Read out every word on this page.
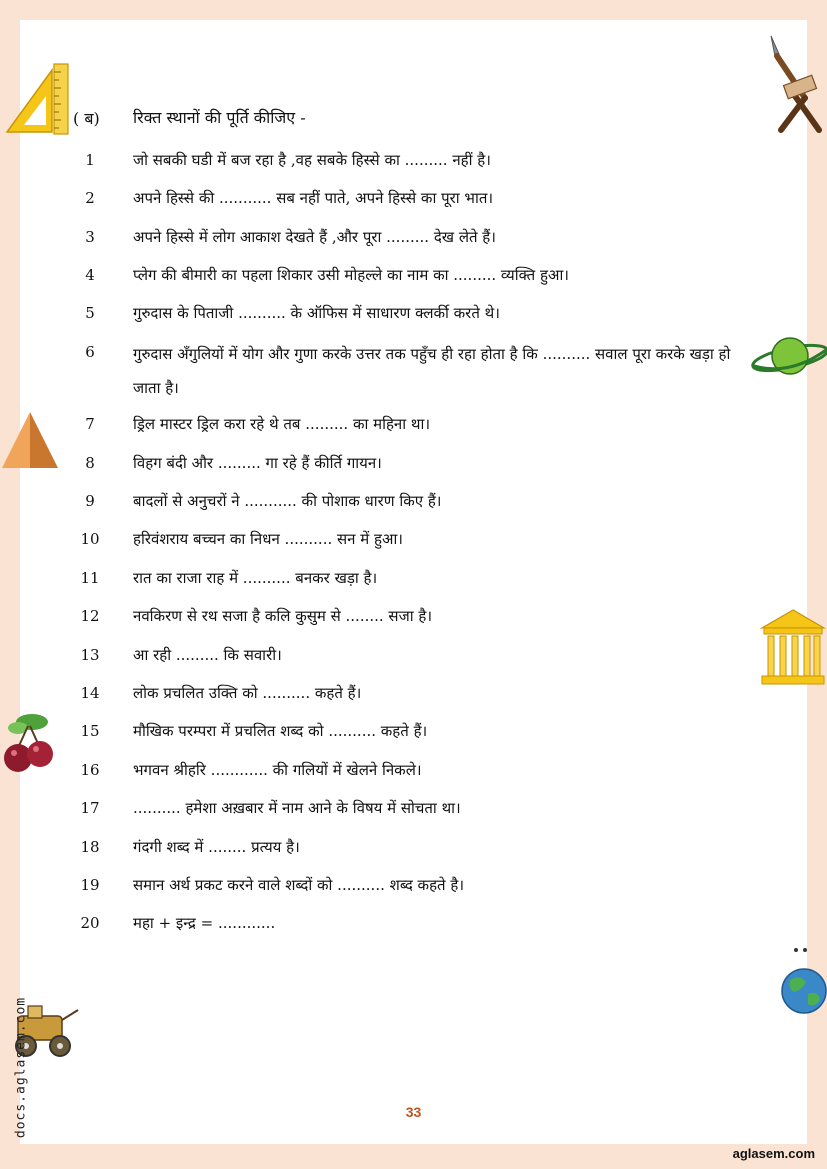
( ब) रिक्त स्थानों की पूर्ति कीजिए -
1	जो सबकी घडी में बज रहा है ,वह सबके हिस्से का ......... नहीं है।
2	अपने हिस्से की ........... सब नहीं पाते, अपने हिस्से का पूरा भात।
3	अपने हिस्से में लोग आकाश देखते हैं ,और पूरा ......... देख लेते हैं।
4	प्लेग की बीमारी का पहला शिकार उसी मोहल्ले का नाम का ......... व्यक्ति हुआ।
5	गुरुदास के पिताजी .......... के ऑफिस में साधारण क्लर्की करते थे।
6	गुरुदास अँगुलियों में योग और गुणा करके उत्तर तक पहुँच ही रहा होता है कि .......... सवाल पूरा करके खड़ा हो जाता है।
7	ड्रिल मास्टर ड्रिल करा रहे थे तब ......... का महिना था।
8	विहग बंदी और ......... गा रहे हैं कीर्ति गायन।
9	बादलों से अनुचरों ने ........... की पोशाक धारण किए हैं।
10 हरिवंशराय बच्चन का निधन .......... सन में हुआ।
11 रात का राजा राह में .......... बनकर खड़ा है।
12 नवकिरण से रथ सजा है कलि कुसुम से ........ सजा है।
13 आ रही ......... कि सवारी।
14 लोक प्रचलित उक्ति को .......... कहते हैं।
15 मौखिक परम्परा में प्रचलित शब्द को .......... कहते हैं।
16 भगवन श्रीहरि ............ की गलियों में खेलने निकले।
17 .......... हमेशा अख़बार में नाम आने के विषय में सोचता था।
18 गंदगी शब्द में ........ प्रत्यय है।
19 समान अर्थ प्रकट करने वाले शब्दों को .......... शब्द कहते है।
20 महा + इन्द्र = ............
33
aglasem.com
docs.aglasem.com
